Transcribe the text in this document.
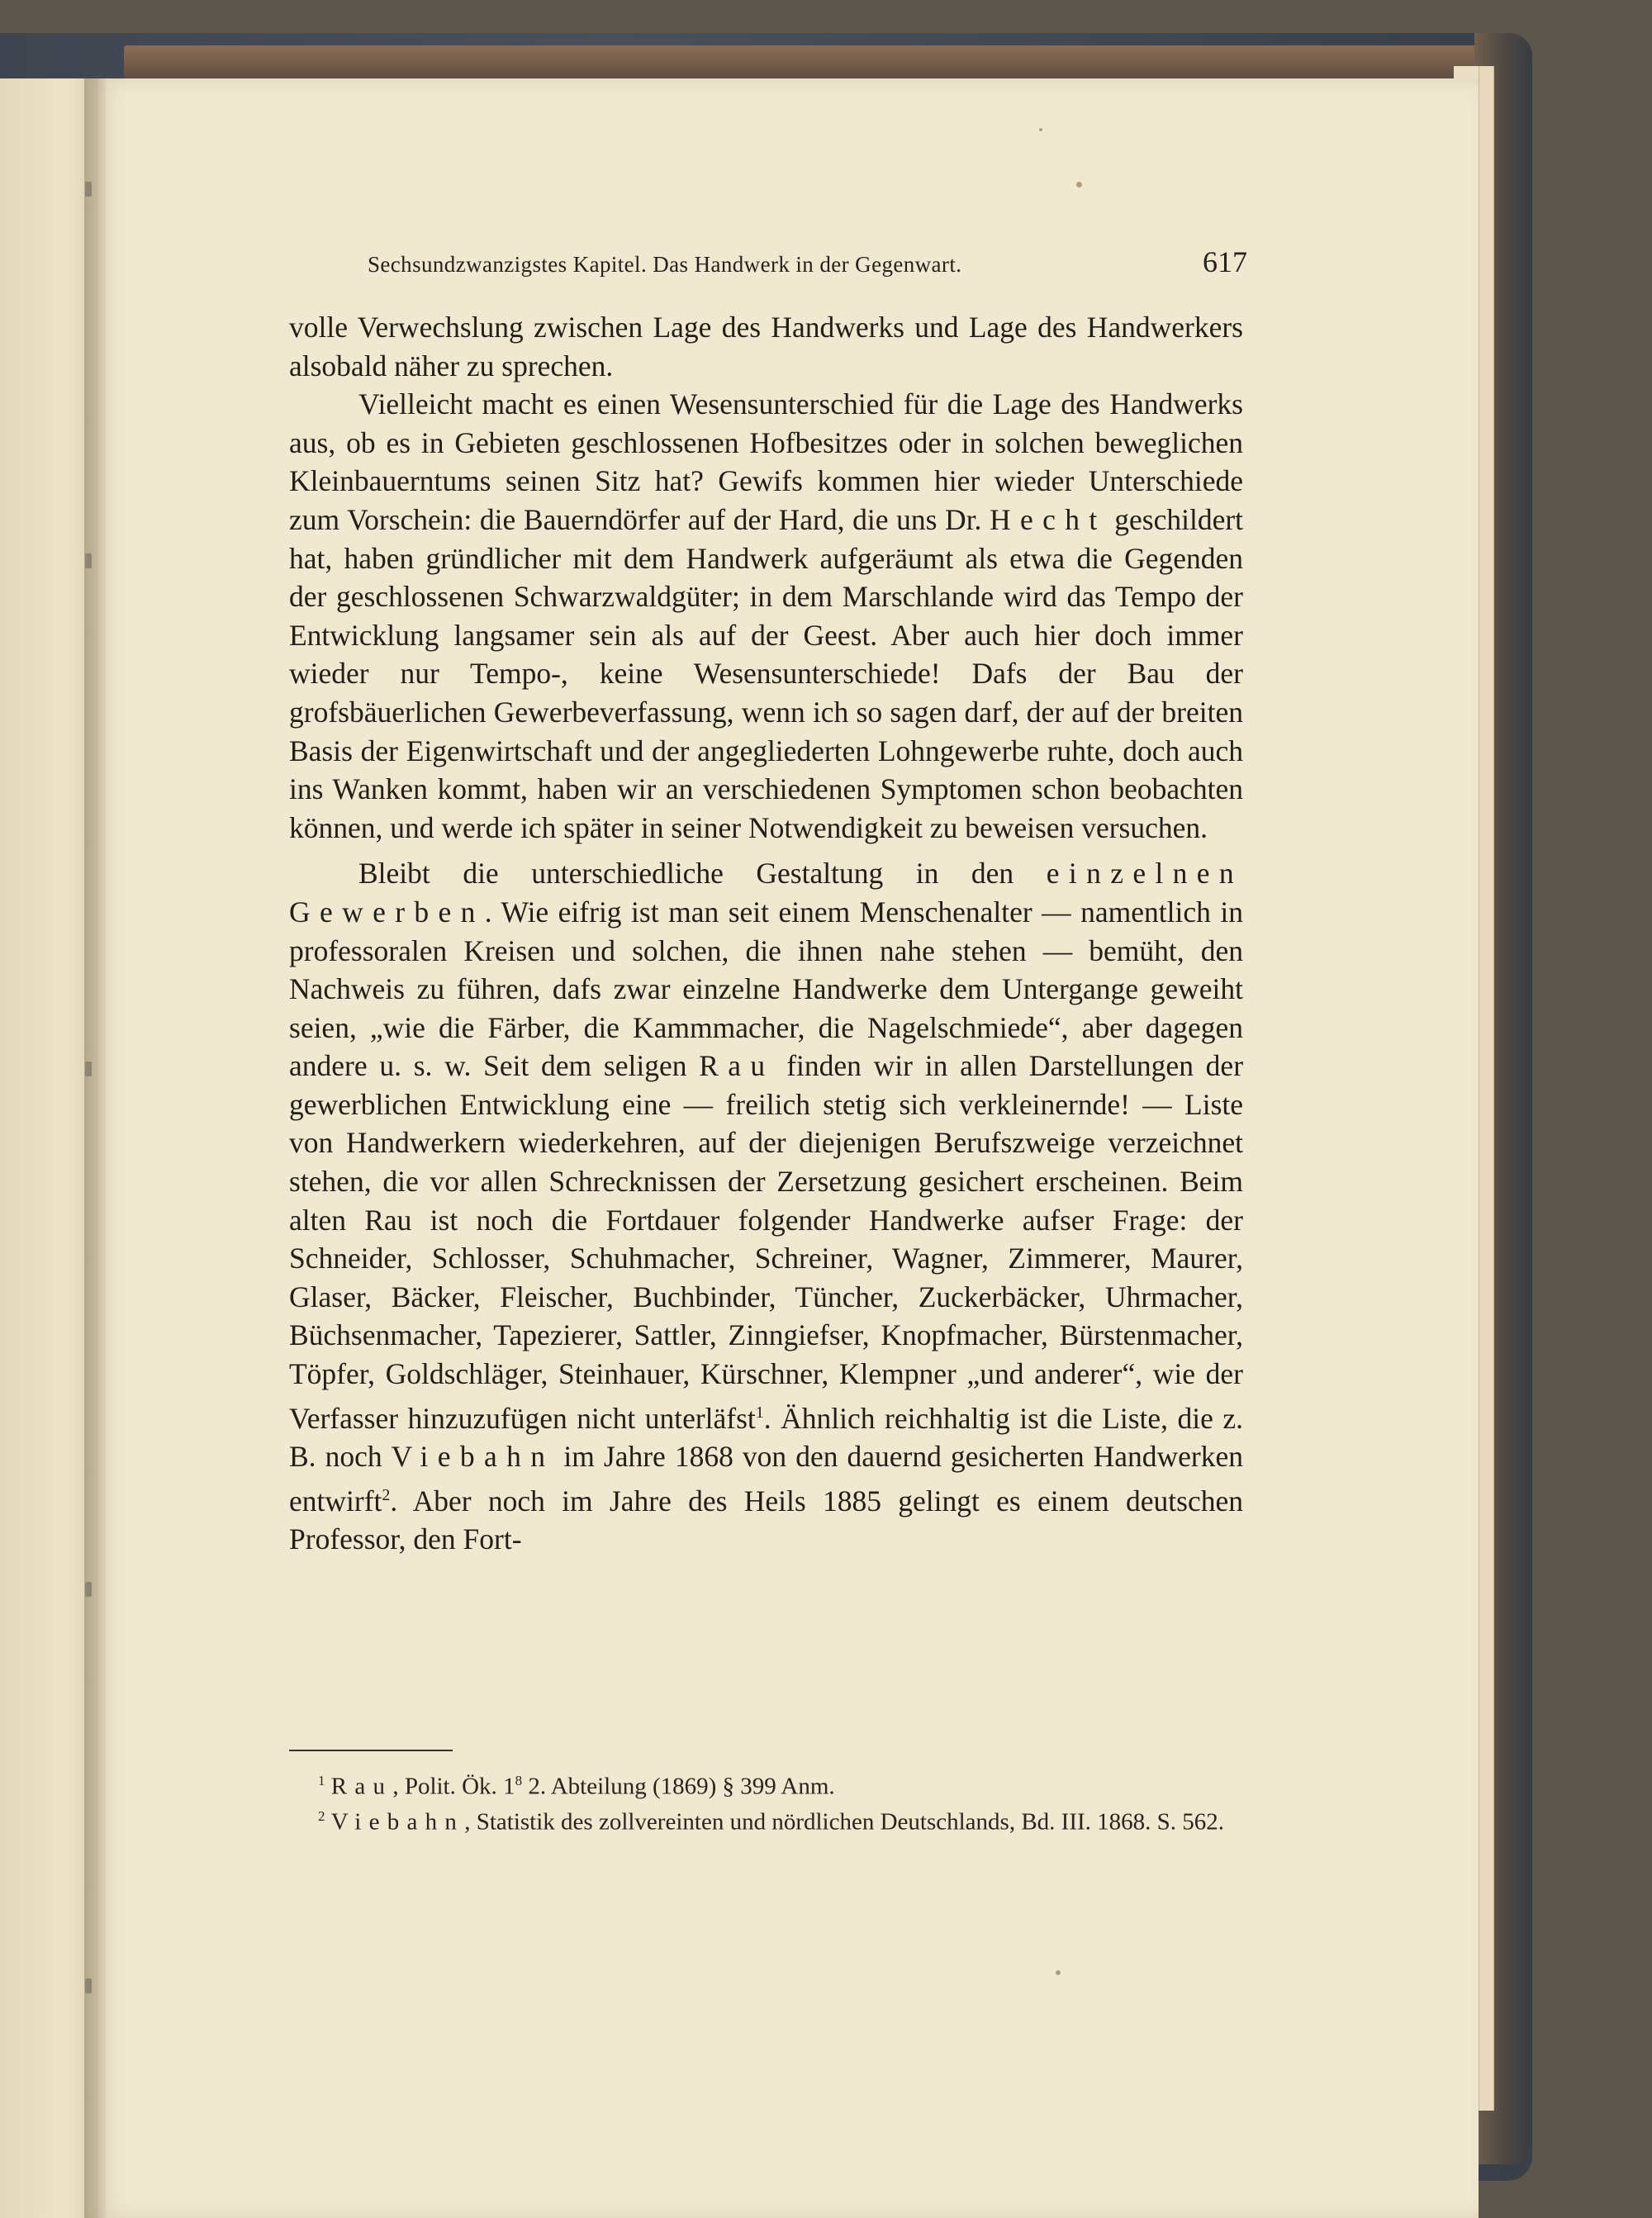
Sechsundzwanzigstes Kapitel. Das Handwerk in der Gegenwart.	617

volle Verwechslung zwischen Lage des Handwerks und Lage des Handwerkers alsobald näher zu sprechen.

Vielleicht macht es einen Wesensunterschied für die Lage des Handwerks aus, ob es in Gebieten geschlossenen Hofbesitzes oder in solchen beweglichen Kleinbauerntums seinen Sitz hat? Gewifs kommen hier wieder Unterschiede zum Vorschein: die Bauerndörfer auf der Hard, die uns Dr. Hecht geschildert hat, haben gründlicher mit dem Handwerk aufgeräumt als etwa die Gegenden der geschlossenen Schwarzwaldgüter; in dem Marschlande wird das Tempo der Entwicklung langsamer sein als auf der Geest. Aber auch hier doch immer wieder nur Tempo-, keine Wesensunterschiede! Dafs der Bau der grofsbäuerlichen Gewerbeverfassung, wenn ich so sagen darf, der auf der breiten Basis der Eigenwirtschaft und der angegliederten Lohngewerbe ruhte, doch auch ins Wanken kommt, haben wir an verschiedenen Symptomen schon beobachten können, und werde ich später in seiner Notwendigkeit zu beweisen versuchen.

Bleibt die unterschiedliche Gestaltung in den einzelnen Gewerben. Wie eifrig ist man seit einem Menschenalter — namentlich in professoralen Kreisen und solchen, die ihnen nahe stehen — bemüht, den Nachweis zu führen, dafs zwar einzelne Handwerke dem Untergange geweiht seien, „wie die Färber, die Kammmacher, die Nagelschmiede“, aber dagegen andere u. s. w. Seit dem seligen Rau finden wir in allen Darstellungen der gewerblichen Entwicklung eine — freilich stetig sich verkleinernde! — Liste von Handwerkern wiederkehren, auf der diejenigen Berufszweige verzeichnet stehen, die vor allen Schrecknissen der Zersetzung gesichert erscheinen. Beim alten Rau ist noch die Fortdauer folgender Handwerke aufser Frage: der Schneider, Schlosser, Schuhmacher, Schreiner, Wagner, Zimmerer, Maurer, Glaser, Bäcker, Fleischer, Buchbinder, Tüncher, Zuckerbäcker, Uhrmacher, Büchsenmacher, Tapezierer, Sattler, Zinngiefser, Knopfmacher, Bürstenmacher, Töpfer, Goldschläger, Steinhauer, Kürschner, Klempner „und anderer“, wie der Verfasser hinzuzufügen nicht unterläfst$^1$. Ähnlich reichhaltig ist die Liste, die z. B. noch Viebahn im Jahre 1868 von den dauernd gesicherten Handwerken entwirft$^2$. Aber noch im Jahre des Heils 1885 gelingt es einem deutschen Professor, den Fort-

$^1$ Rau, Polit. Ök. $1^8$ 2. Abteilung (1869) § 399 Anm.

$^2$ Viebahn, Statistik des zollvereinten und nördlichen Deutschlands, Bd. III. 1868. S. 562.
